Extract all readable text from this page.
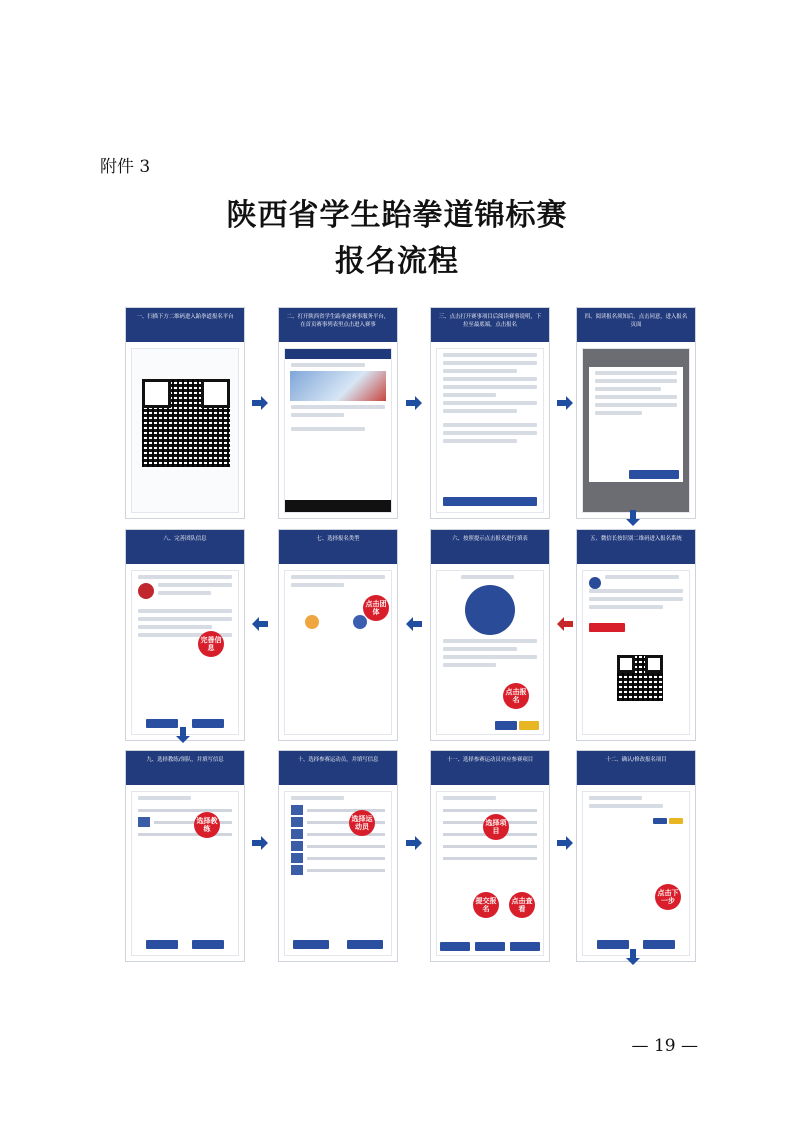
附件 3
陕西省学生跆拳道锦标赛
报名流程
一、扫描下方二维码进入跆拳道报名平台	二、打开陕西省学生跆拳道赛事服务平台，在首页赛事列表里点击进入赛事
三、点击打开赛事项目后阅读赛事说明，下拉至最底端，点击报名
四、阅读报名须知后，点击同意，进入报名页面
八、完善团队信息
完善信息
七、选择报名类型
点击团体
六、按照提示点击报名进行填表
点击报名
五、微信长按识别二维码进入报名系统
九、选择教练/领队，并填写信息
选择教练
十、选择参赛运动员，并填写信息
选择运动员
十一、选择参赛运动员对应参赛项目
选择项目
提交报名
点击查看
十二、确认/修改报名项目
点击下一步
— 19 —
